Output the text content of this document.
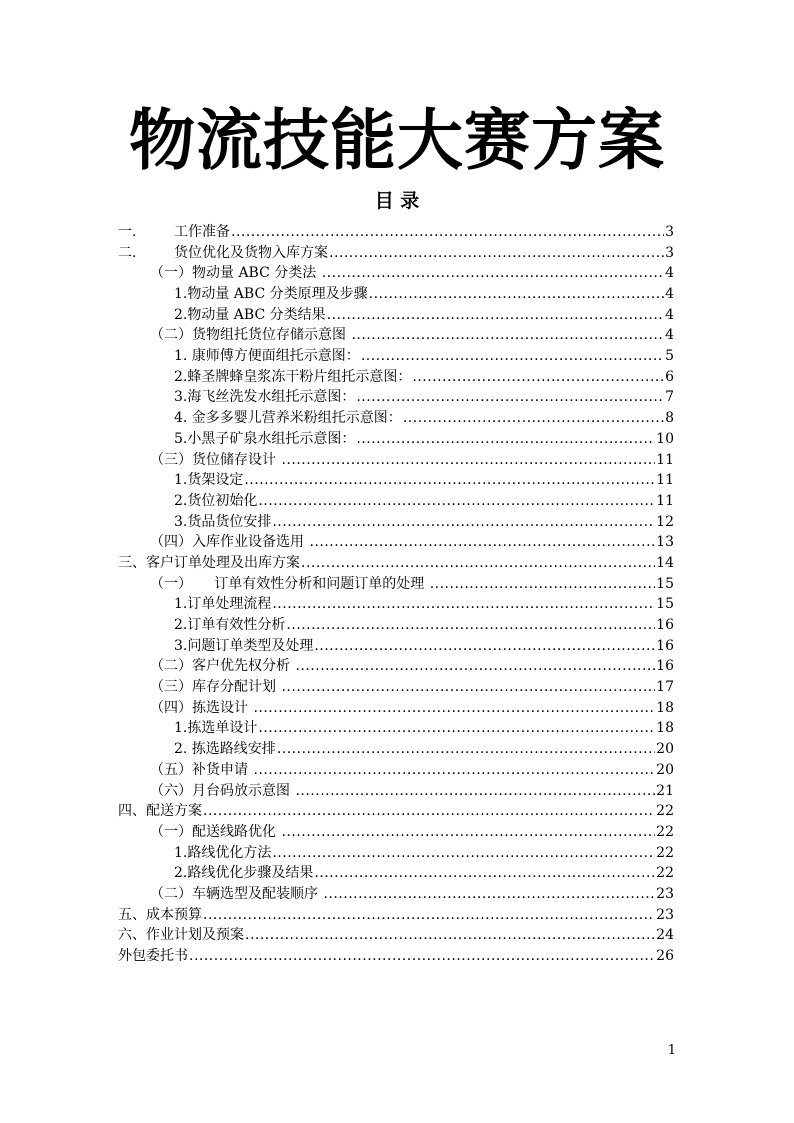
物流技能大赛方案
目 录
一.	工作准备 .....	3
二.	货位优化及货物入库方案 .....	3
（一）物动量 ABC 分类法 .....	4
1.物动量 ABC 分类原理及步骤 .....	4
2.物动量 ABC 分类结果 .....	4
（二）货物组托货位存储示意图 .....	4
1. 康师傅方便面组托示意图： .....	5
2.蜂圣牌蜂皇浆冻干粉片组托示意图： .....	6
3.海飞丝洗发水组托示意图： .....	7
4. 金多多婴儿营养米粉组托示意图： .....	8
5.小黑子矿泉水组托示意图： .....	10
（三）货位储存设计 .....	11
1.货架设定 .....	11
2.货位初始化 .....	11
3.货品货位安排 .....	12
（四）入库作业设备选用 .....	13
三、客户订单处理及出库方案 .....	14
（一）     订单有效性分析和问题订单的处理 .....	15
1.订单处理流程 .....	15
2.订单有效性分析 .....	16
3.问题订单类型及处理 .....	16
（二）客户优先权分析 .....	16
（三）库存分配计划 .....	17
（四）拣选设计 .....	18
1.拣选单设计 .....	18
2. 拣选路线安排 .....	20
（五）补货申请 .....	20
（六）月台码放示意图 .....	21
四、配送方案 .....	22
（一）配送线路优化 .....	22
1.路线优化方法 .....	22
2.路线优化步骤及结果 .....	22
（二）车辆选型及配装顺序 .....	23
五、成本预算 .....	23
六、作业计划及预案 .....	24
外包委托书 .....	26
1
